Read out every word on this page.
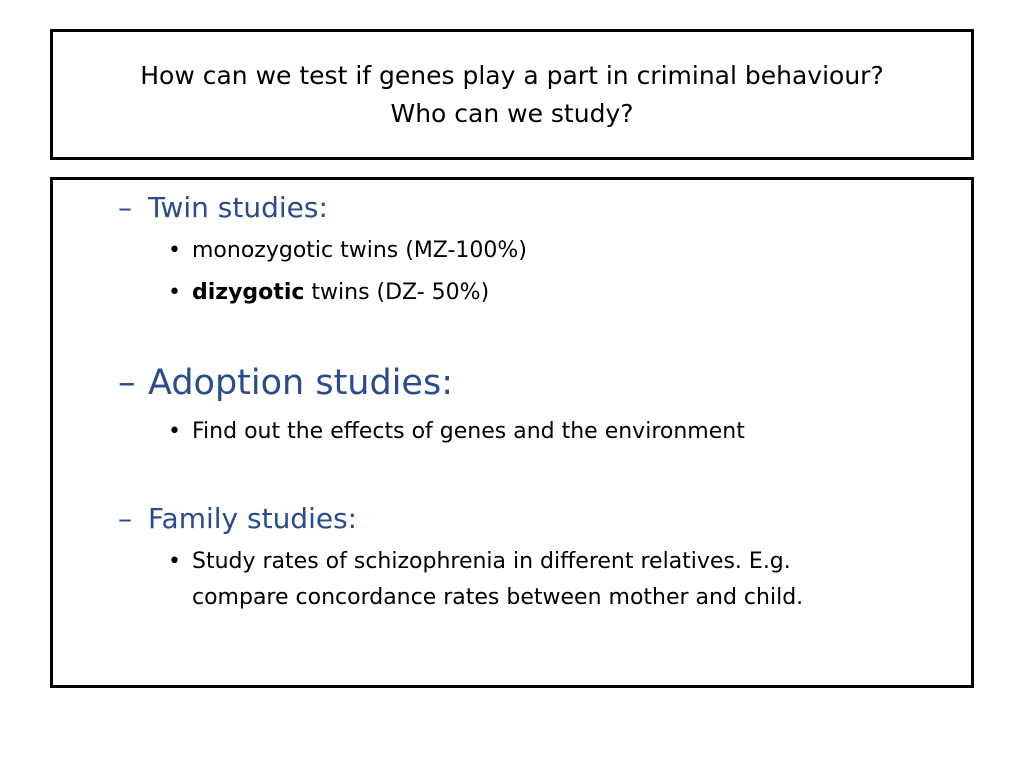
How can we test if genes play a part in criminal behaviour?
Who can we study?
– Twin studies:
• monozygotic twins (MZ-100%)
• dizygotic twins (DZ- 50%)
– Adoption studies:
• Find out the effects of genes and the environment
– Family studies:
• Study rates of schizophrenia in different relatives. E.g.
compare concordance rates between mother and child.
